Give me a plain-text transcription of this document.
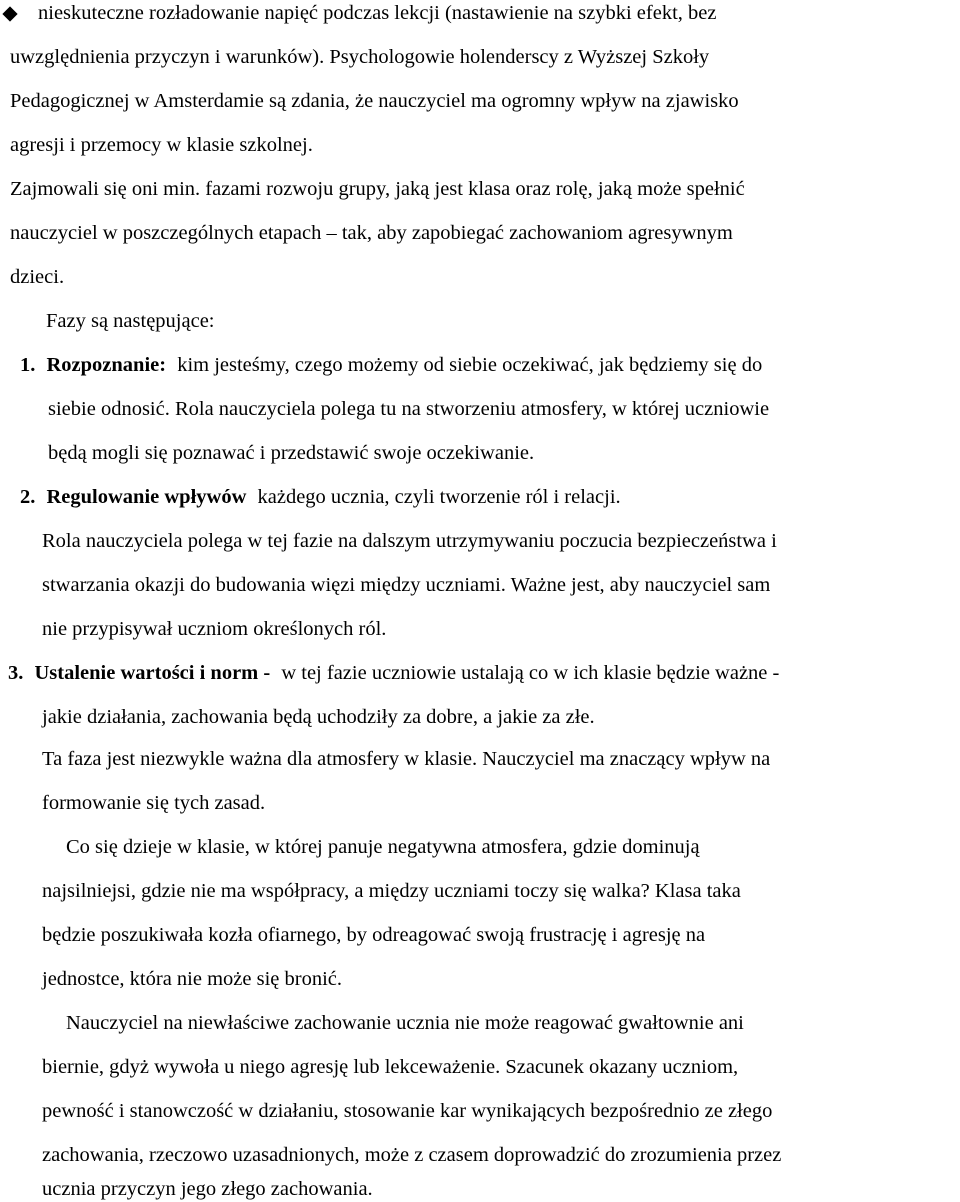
nieskuteczne rozładowanie napięć podczas lekcji (nastawienie na szybki efekt, bez
uwzględnienia przyczyn i warunków). Psychologowie holenderscy z Wyższej Szkoły
Pedagogicznej w Amsterdamie są zdania, że nauczyciel ma ogromny wpływ na zjawisko
agresji i przemocy w klasie szkolnej.
Zajmowali się oni min. fazami rozwoju grupy, jaką jest klasa oraz rolę, jaką może spełnić
nauczyciel w poszczególnych etapach – tak, aby zapobiegać zachowaniom agresywnym
dzieci.
Fazy są następujące:
1. Rozpoznanie: kim jesteśmy, czego możemy od siebie oczekiwać, jak będziemy się do
siebie odnosić. Rola nauczyciela polega tu na stworzeniu atmosfery, w której uczniowie
będą mogli się poznawać i przedstawić swoje oczekiwanie.
2. Regulowanie wpływów każdego ucznia, czyli tworzenie ról i relacji.
Rola nauczyciela polega w tej fazie na dalszym utrzymywaniu poczucia bezpieczeństwa i
stwarzania okazji do budowania więzi między uczniami. Ważne jest, aby nauczyciel sam
nie przypisywał uczniom określonych ról.
3. Ustalenie wartości i norm - w tej fazie uczniowie ustalają co w ich klasie będzie ważne -
jakie działania, zachowania będą uchodziły za dobre, a jakie za złe.
Ta faza jest niezwykle ważna dla atmosfery w klasie. Nauczyciel ma znaczący wpływ na
formowanie się tych zasad.
Co się dzieje w klasie, w której panuje negatywna atmosfera, gdzie dominują
najsilniejsi, gdzie nie ma współpracy, a między uczniami toczy się walka? Klasa taka
będzie poszukiwała kozła ofiarnego, by odreagować swoją frustrację i agresję na
jednostce, która nie może się bronić.
Nauczyciel na niewłaściwe zachowanie ucznia nie może reagować gwałtownie ani
biernie, gdyż wywoła u niego agresję lub lekceważenie. Szacunek okazany uczniom,
pewność i stanowczość w działaniu, stosowanie kar wynikających bezpośrednio ze złego
zachowania, rzeczowo uzasadnionych, może z czasem doprowadzić do zrozumienia przez
ucznia przyczyn jego złego zachowania.
